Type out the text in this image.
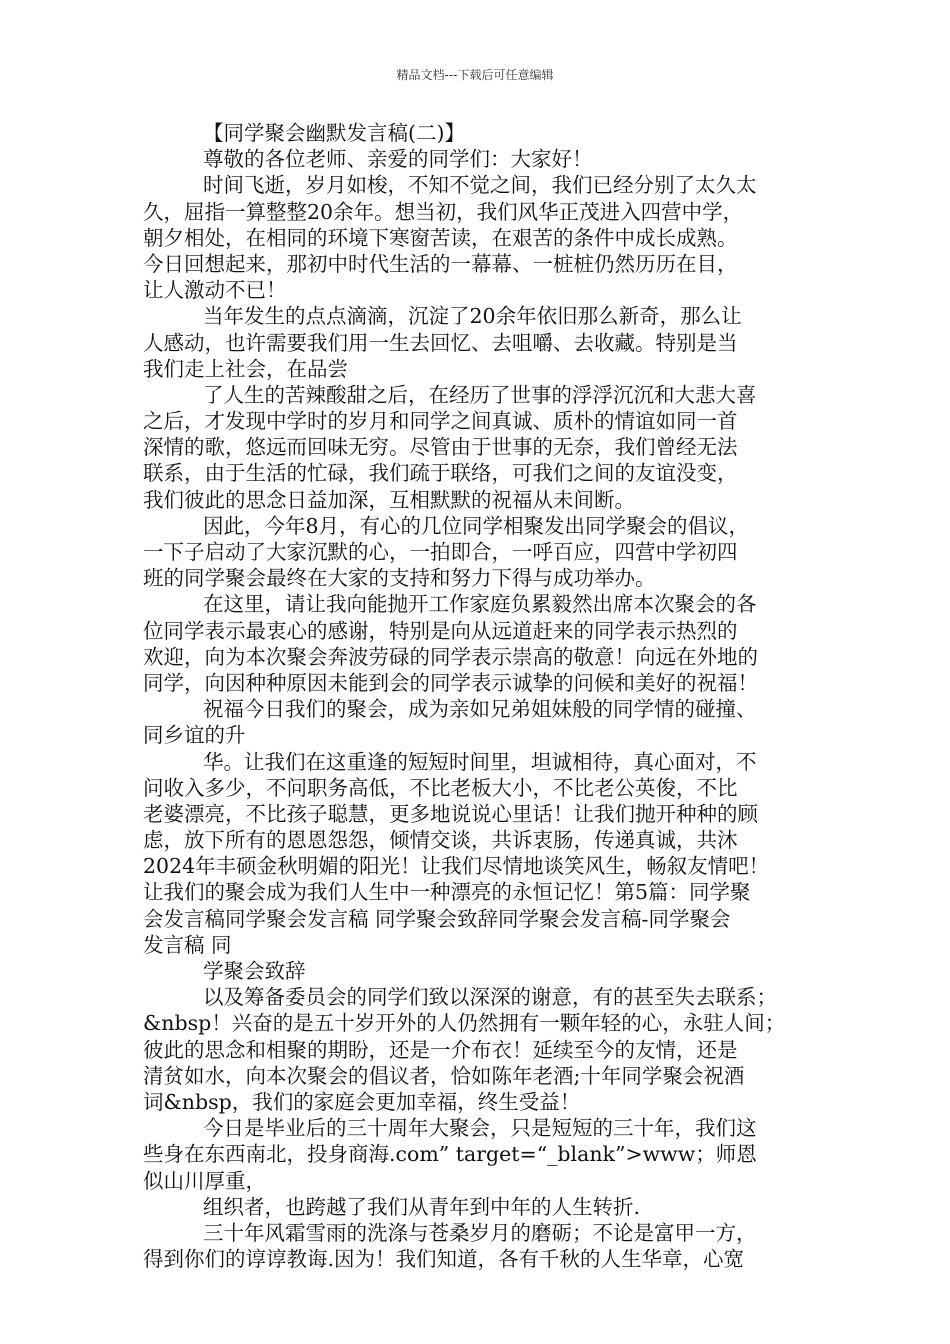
精品文档---下载后可任意编辑
【同学聚会幽默发言稿(二)】
尊敬的各位老师、亲爱的同学们：大家好！
时间飞逝，岁月如梭，不知不觉之间，我们已经分别了太久太
久，屈指一算整整20余年。想当初，我们风华正茂进入四营中学，
朝夕相处，在相同的环境下寒窗苦读，在艰苦的条件中成长成熟。
今日回想起来，那初中时代生活的一幕幕、一桩桩仍然历历在目，
让人激动不已！
当年发生的点点滴滴，沉淀了20余年依旧那么新奇，那么让
人感动，也许需要我们用一生去回忆、去咀嚼、去收藏。特别是当
我们走上社会，在品尝
了人生的苦辣酸甜之后，在经历了世事的浮浮沉沉和大悲大喜
之后，才发现中学时的岁月和同学之间真诚、质朴的情谊如同一首
深情的歌，悠远而回味无穷。尽管由于世事的无奈，我们曾经无法
联系，由于生活的忙碌，我们疏于联络，可我们之间的友谊没变，
我们彼此的思念日益加深，互相默默的祝福从未间断。
因此，今年8月，有心的几位同学相聚发出同学聚会的倡议，
一下子启动了大家沉默的心，一拍即合，一呼百应，四营中学初四
班的同学聚会最终在大家的支持和努力下得与成功举办。
在这里，请让我向能抛开工作家庭负累毅然出席本次聚会的各
位同学表示最衷心的感谢，特别是向从远道赶来的同学表示热烈的
欢迎，向为本次聚会奔波劳碌的同学表示崇高的敬意！向远在外地的
同学，向因种种原因未能到会的同学表示诚挚的问候和美好的祝福！
祝福今日我们的聚会，成为亲如兄弟姐妹般的同学情的碰撞、
同乡谊的升
华。让我们在这重逢的短短时间里，坦诚相待，真心面对，不
问收入多少，不问职务高低，不比老板大小，不比老公英俊，不比
老婆漂亮，不比孩子聪慧，更多地说说心里话！让我们抛开种种的顾
虑，放下所有的恩恩怨怨，倾情交谈，共诉衷肠，传递真诚，共沐
2024年丰硕金秋明媚的阳光！让我们尽情地谈笑风生，畅叙友情吧！
让我们的聚会成为我们人生中一种漂亮的永恒记忆！第5篇：同学聚
会发言稿同学聚会发言稿 同学聚会致辞同学聚会发言稿-同学聚会
发言稿 同
学聚会致辞
以及筹备委员会的同学们致以深深的谢意，有的甚至失去联系；
&nbsp！兴奋的是五十岁开外的人仍然拥有一颗年轻的心，永驻人间；
彼此的思念和相聚的期盼，还是一介布衣！延续至今的友情，还是
清贫如水，向本次聚会的倡议者，恰如陈年老酒;十年同学聚会祝酒
词&nbsp，我们的家庭会更加幸福，终生受益！
今日是毕业后的三十周年大聚会，只是短短的三十年，我们这
些身在东西南北，投身商海.com” target=“_blank”>www；师恩
似山川厚重，
组织者，也跨越了我们从青年到中年的人生转折.
三十年风霜雪雨的洗涤与苍桑岁月的磨砺；不论是富甲一方，
得到你们的谆谆教诲.因为！我们知道，各有千秋的人生华章，心宽
